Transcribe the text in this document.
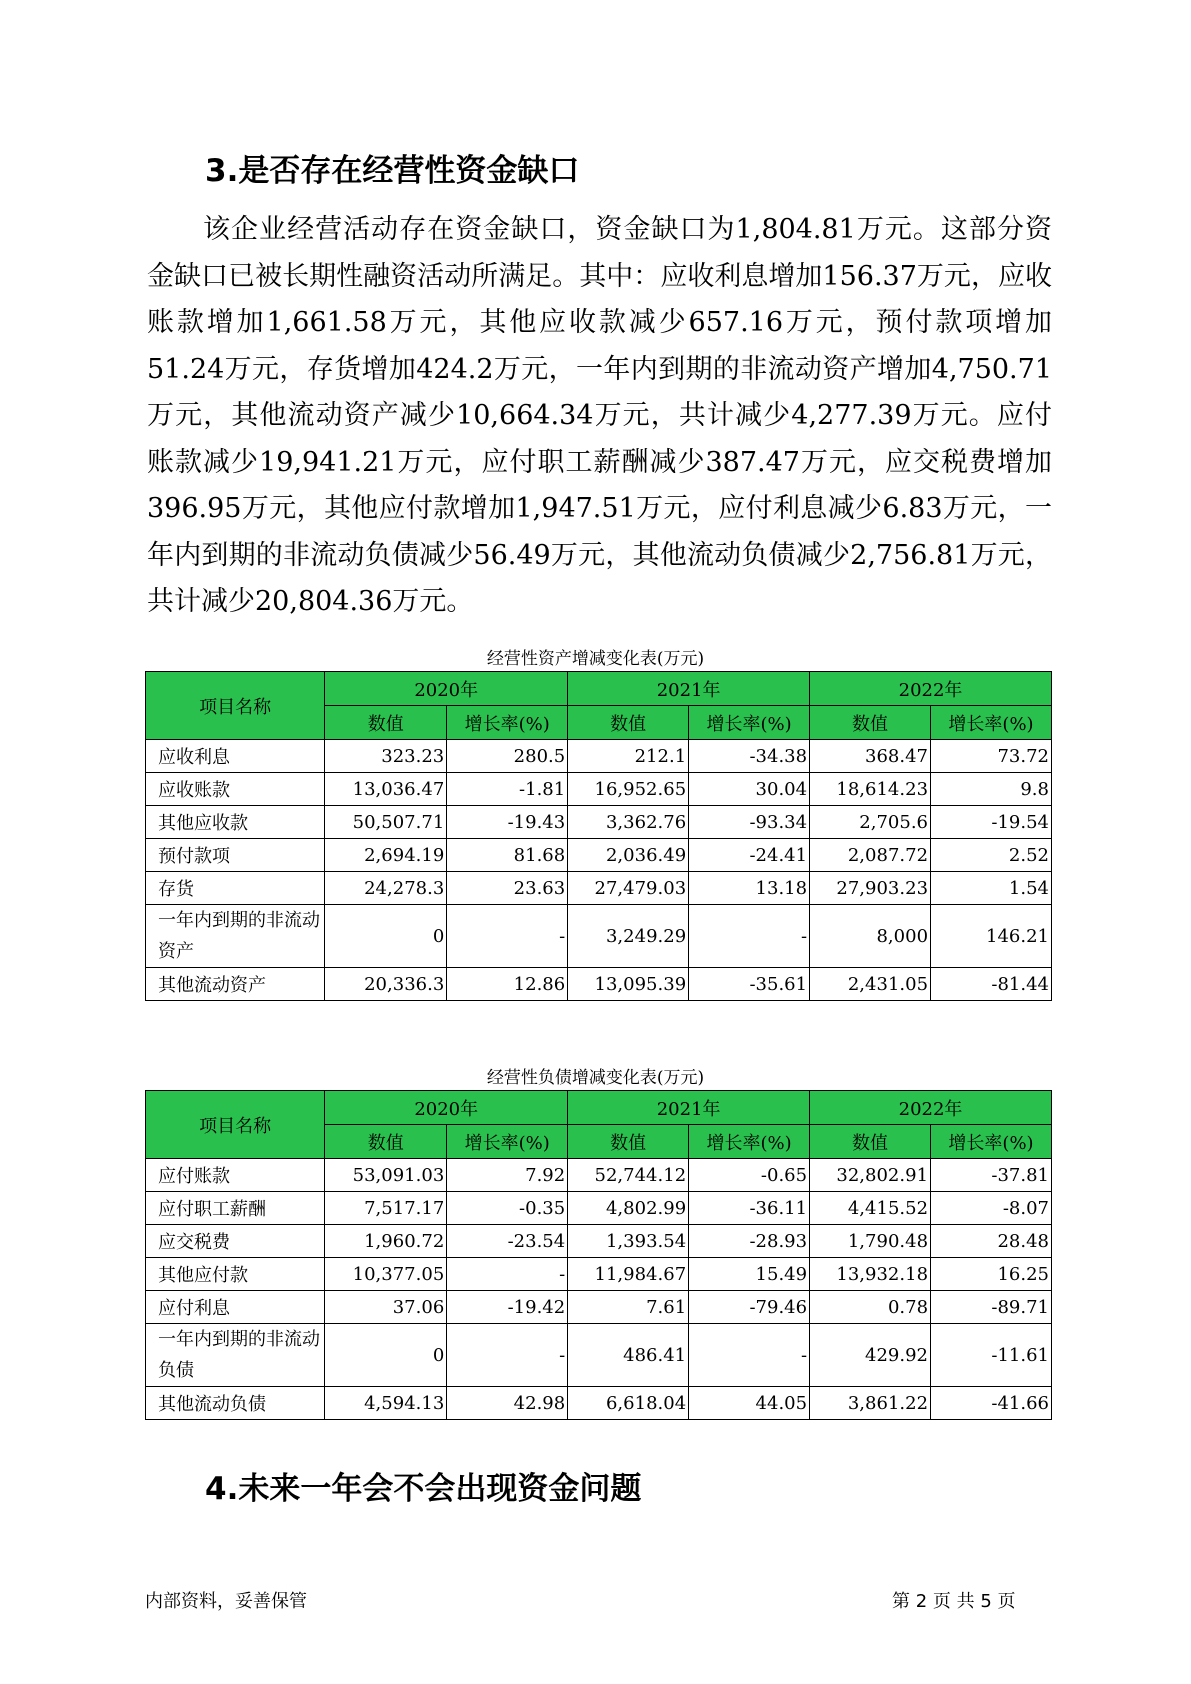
3.是否存在经营性资金缺口

该企业经营活动存在资金缺口，资金缺口为1,804.81万元。这部分资金缺口已被长期性融资活动所满足。其中：应收利息增加156.37万元，应收账款增加1,661.58万元，其他应收款减少657.16万元，预付款项增加51.24万元，存货增加424.2万元，一年内到期的非流动资产增加4,750.71万元，其他流动资产减少10,664.34万元，共计减少4,277.39万元。应付账款减少19,941.21万元，应付职工薪酬减少387.47万元，应交税费增加396.95万元，其他应付款增加1,947.51万元，应付利息减少6.83万元，一年内到期的非流动负债减少56.49万元，其他流动负债减少2,756.81万元，共计减少20,804.36万元。

经营性资产增减变化表(万元)
项目名称	2020年		2021年		2022年	
	数值	增长率(%)	数值	增长率(%)	数值	增长率(%)
应收利息	323.23	280.5	212.1	-34.38	368.47	73.72
应收账款	13,036.47	-1.81	16,952.65	30.04	18,614.23	9.8
其他应收款	50,507.71	-19.43	3,362.76	-93.34	2,705.6	-19.54
预付款项	2,694.19	81.68	2,036.49	-24.41	2,087.72	2.52
存货	24,278.3	23.63	27,479.03	13.18	27,903.23	1.54
一年内到期的非流动资产	0	-	3,249.29	-	8,000	146.21
其他流动资产	20,336.3	12.86	13,095.39	-35.61	2,431.05	-81.44
经营性负债增减变化表(万元)
项目名称	2020年		2021年		2022年	
	数值	增长率(%)	数值	增长率(%)	数值	增长率(%)
应付账款	53,091.03	7.92	52,744.12	-0.65	32,802.91	-37.81
应付职工薪酬	7,517.17	-0.35	4,802.99	-36.11	4,415.52	-8.07
应交税费	1,960.72	-23.54	1,393.54	-28.93	1,790.48	28.48
其他应付款	10,377.05	-	11,984.67	15.49	13,932.18	16.25
应付利息	37.06	-19.42	7.61	-79.46	0.78	-89.71
一年内到期的非流动负债	0	-	486.41	-	429.92	-11.61
其他流动负债	4,594.13	42.98	6,618.04	44.05	3,861.22	-41.66
4.未来一年会不会出现资金问题
内部资料，妥善保管	第 2 页 共 5 页
